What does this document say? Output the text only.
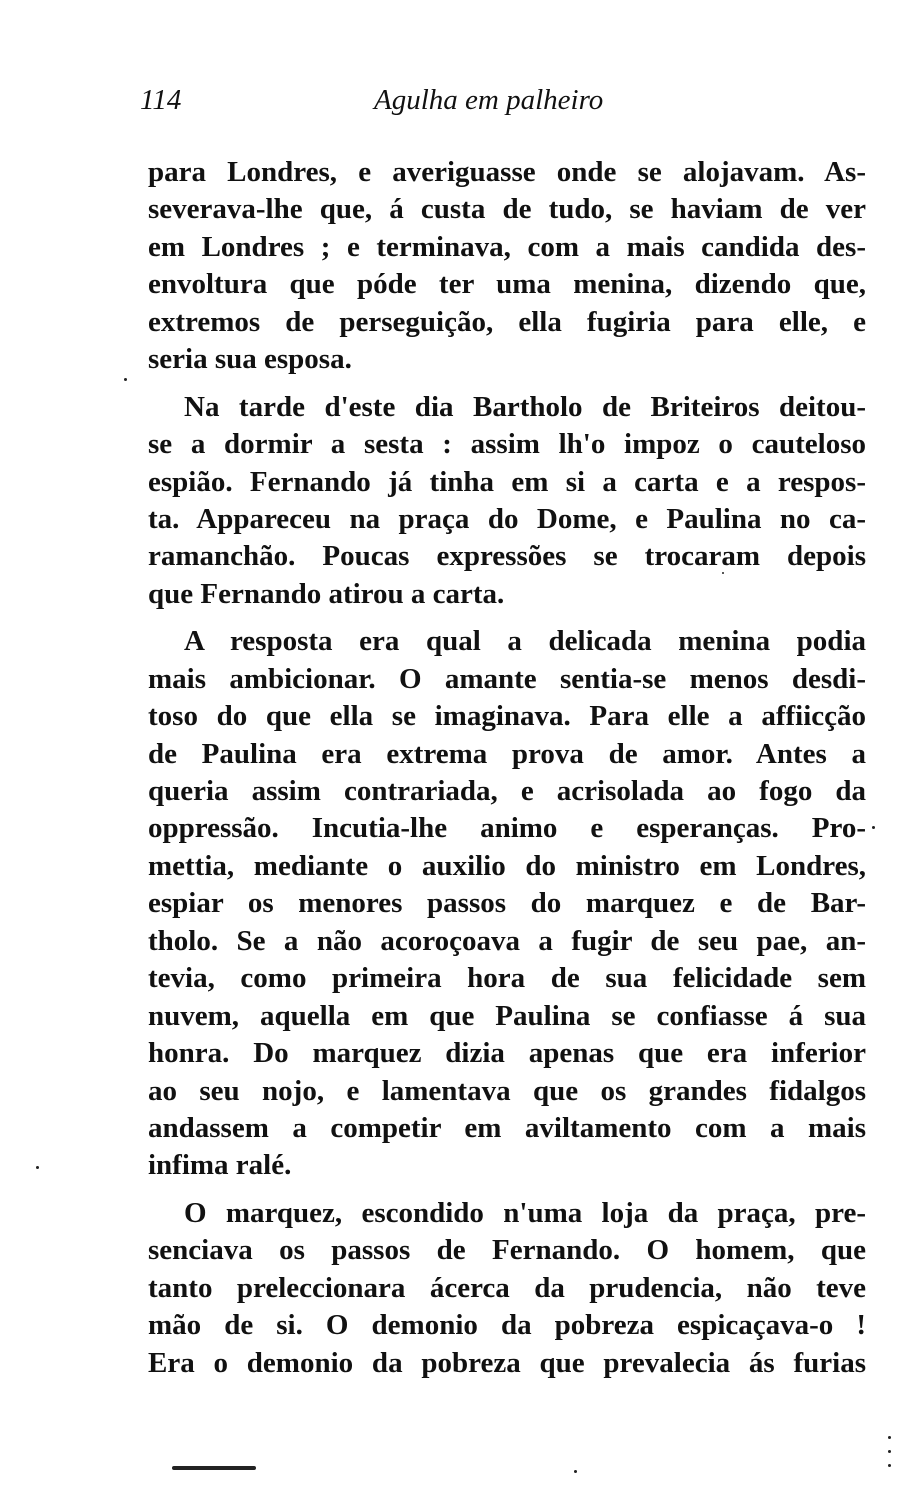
114	Agulha em palheiro
para Londres, e averiguasse onde se alojavam. As-
severava-lhe que, á custa de tudo, se haviam de ver
em Londres ; e terminava, com a mais candida des-
envoltura que póde ter uma menina, dizendo que,
extremos de perseguição, ella fugiria para elle, e
seria sua esposa.
Na tarde d'este dia Bartholo de Briteiros deitou-
se a dormir a sesta : assim lh'o impoz o cauteloso
espião. Fernando já tinha em si a carta e a respos-
ta. Appareceu na praça do Dome, e Paulina no ca-
ramanchão. Poucas expressões se trocaram depois
que Fernando atirou a carta.
A resposta era qual a delicada menina podia
mais ambicionar. O amante sentia-se menos desdi-
toso do que ella se imaginava. Para elle a affiicção
de Paulina era extrema prova de amor. Antes a
queria assim contrariada, e acrisolada ao fogo da
oppressão. Incutia-lhe animo e esperanças. Pro-
mettia, mediante o auxilio do ministro em Londres,
espiar os menores passos do marquez e de Bar-
tholo. Se a não acoroçoava a fugir de seu pae, an-
tevia, como primeira hora de sua felicidade sem
nuvem, aquella em que Paulina se confiasse á sua
honra. Do marquez dizia apenas que era inferior
ao seu nojo, e lamentava que os grandes fidalgos
andassem a competir em aviltamento com a mais
infima ralé.
O marquez, escondido n'uma loja da praça, pre-
senciava os passos de Fernando. O homem, que
tanto preleccionara ácerca da prudencia, não teve
mão de si. O demonio da pobreza espicaçava-o !
Era o demonio da pobreza que prevalecia ás furias
